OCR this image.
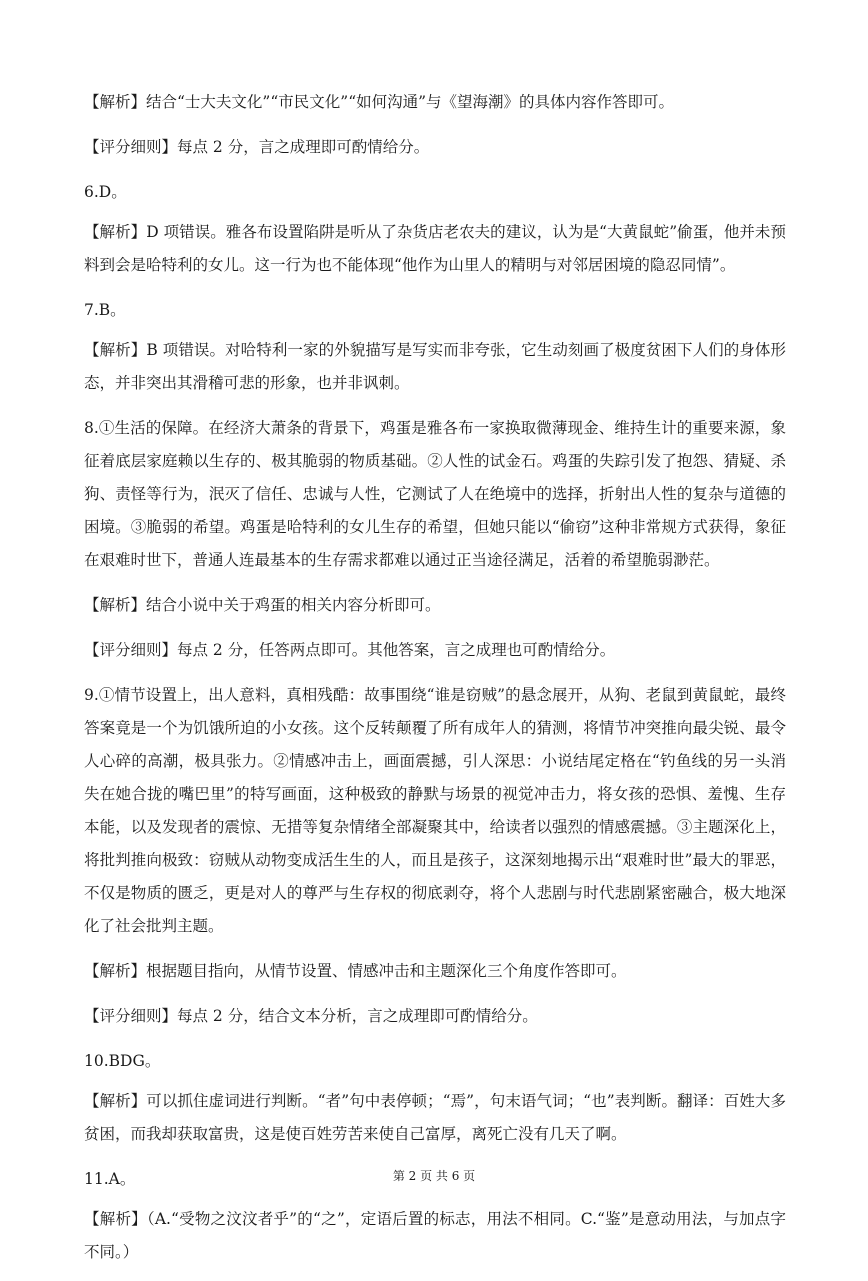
【解析】结合“士大夫文化”“市民文化”“如何沟通”与《望海潮》的具体内容作答即可。

【评分细则】每点 2 分，言之成理即可酌情给分。

6.D。

【解析】D 项错误。雅各布设置陷阱是听从了杂货店老农夫的建议，认为是“大黄鼠蛇”偷蛋，他并未预料到会是哈特利的女儿。这一行为也不能体现“他作为山里人的精明与对邻居困境的隐忍同情”。

7.B。

【解析】B 项错误。对哈特利一家的外貌描写是写实而非夸张，它生动刻画了极度贫困下人们的身体形态，并非突出其滑稽可悲的形象，也并非讽刺。

8.①生活的保障。在经济大萧条的背景下，鸡蛋是雅各布一家换取微薄现金、维持生计的重要来源，象征着底层家庭赖以生存的、极其脆弱的物质基础。②人性的试金石。鸡蛋的失踪引发了抱怨、猜疑、杀狗、责怪等行为，泯灭了信任、忠诚与人性，它测试了人在绝境中的选择，折射出人性的复杂与道德的困境。③脆弱的希望。鸡蛋是哈特利的女儿生存的希望，但她只能以“偷窃”这种非常规方式获得，象征在艰难时世下，普通人连最基本的生存需求都难以通过正当途径满足，活着的希望脆弱渺茫。

【解析】结合小说中关于鸡蛋的相关内容分析即可。

【评分细则】每点 2 分，任答两点即可。其他答案，言之成理也可酌情给分。

9.①情节设置上，出人意料，真相残酷：故事围绕“谁是窃贼”的悬念展开，从狗、老鼠到黄鼠蛇，最终答案竟是一个为饥饿所迫的小女孩。这个反转颠覆了所有成年人的猜测，将情节冲突推向最尖锐、最令人心碎的高潮，极具张力。②情感冲击上，画面震撼，引人深思：小说结尾定格在“钓鱼线的另一头消失在她合拢的嘴巴里”的特写画面，这种极致的静默与场景的视觉冲击力，将女孩的恐惧、羞愧、生存本能，以及发现者的震惊、无措等复杂情绪全部凝聚其中，给读者以强烈的情感震撼。③主题深化上，将批判推向极致：窃贼从动物变成活生生的人，而且是孩子，这深刻地揭示出“艰难时世”最大的罪恶，不仅是物质的匮乏，更是对人的尊严与生存权的彻底剥夺，将个人悲剧与时代悲剧紧密融合，极大地深化了社会批判主题。

【解析】根据题目指向，从情节设置、情感冲击和主题深化三个角度作答即可。

【评分细则】每点 2 分，结合文本分析，言之成理即可酌情给分。

10.BDG。

【解析】可以抓住虚词进行判断。“者”句中表停顿；“焉”，句末语气词；“也”表判断。翻译：百姓大多贫困，而我却获取富贵，这是使百姓劳苦来使自己富厚，离死亡没有几天了啊。

11.A。

【解析】（A.“受物之汶汶者乎”的“之”，定语后置的标志，用法不相同。C.“鉴”是意动用法，与加点字不同。）

第 2 页 共 6 页
